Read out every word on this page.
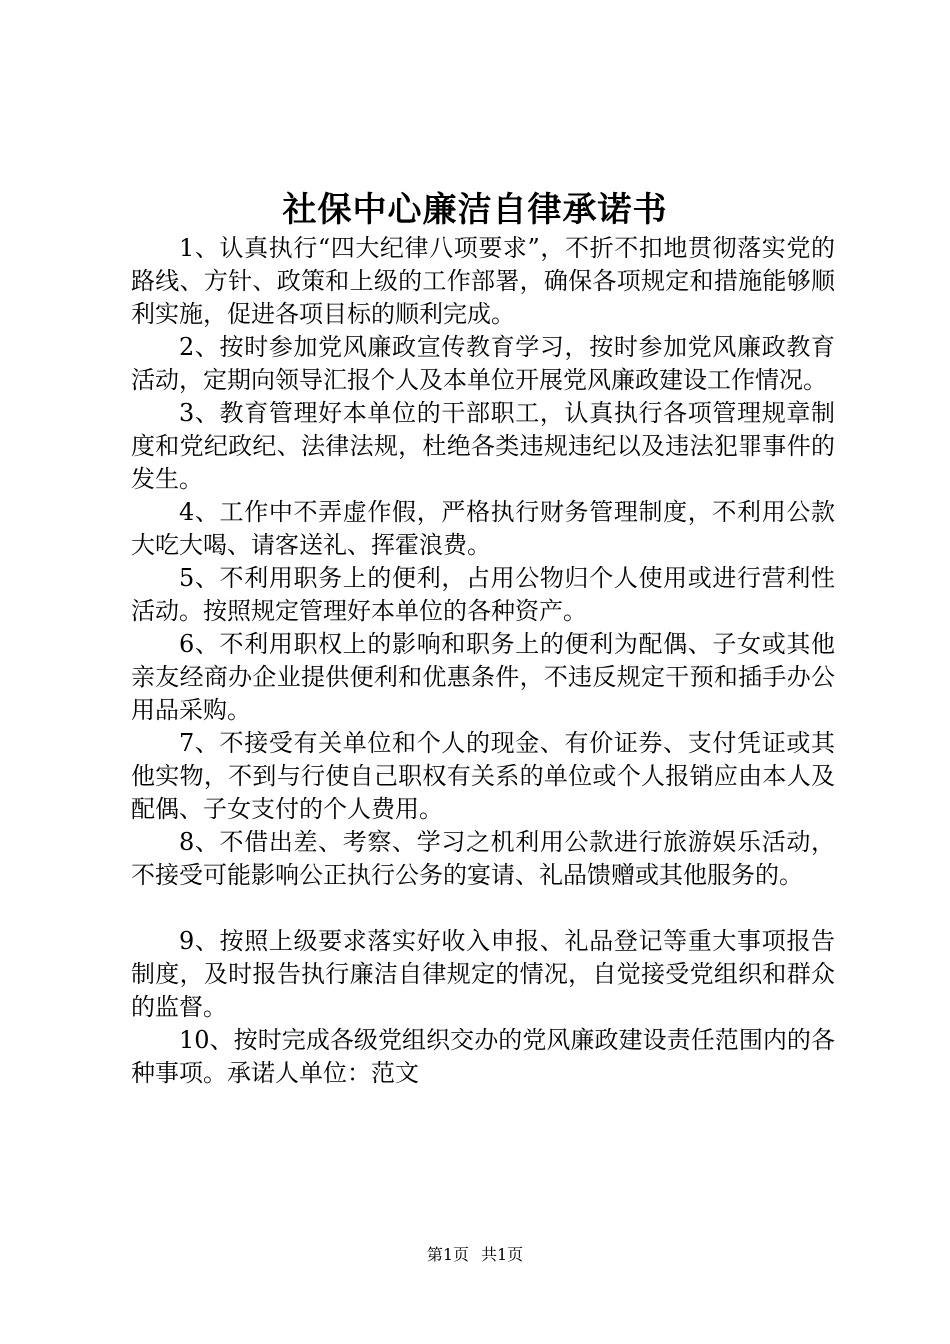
社保中心廉洁自律承诺书

1、认真执行“四大纪律八项要求”，不折不扣地贯彻落实党的路线、方针、政策和上级的工作部署，确保各项规定和措施能够顺利实施，促进各项目标的顺利完成。

2、按时参加党风廉政宣传教育学习，按时参加党风廉政教育活动，定期向领导汇报个人及本单位开展党风廉政建设工作情况。

3、教育管理好本单位的干部职工，认真执行各项管理规章制度和党纪政纪、法律法规，杜绝各类违规违纪以及违法犯罪事件的发生。

4、工作中不弄虚作假，严格执行财务管理制度，不利用公款大吃大喝、请客送礼、挥霍浪费。

5、不利用职务上的便利，占用公物归个人使用或进行营利性活动。按照规定管理好本单位的各种资产。

6、不利用职权上的影响和职务上的便利为配偶、子女或其他亲友经商办企业提供便利和优惠条件，不违反规定干预和插手办公用品采购。

7、不接受有关单位和个人的现金、有价证券、支付凭证或其他实物，不到与行使自己职权有关系的单位或个人报销应由本人及配偶、子女支付的个人费用。

8、不借出差、考察、学习之机利用公款进行旅游娱乐活动，不接受可能影响公正执行公务的宴请、礼品馈赠或其他服务的。

9、按照上级要求落实好收入申报、礼品登记等重大事项报告制度，及时报告执行廉洁自律规定的情况，自觉接受党组织和群众的监督。

10、按时完成各级党组织交办的党风廉政建设责任范围内的各种事项。承诺人单位：范文

第1页 共1页
